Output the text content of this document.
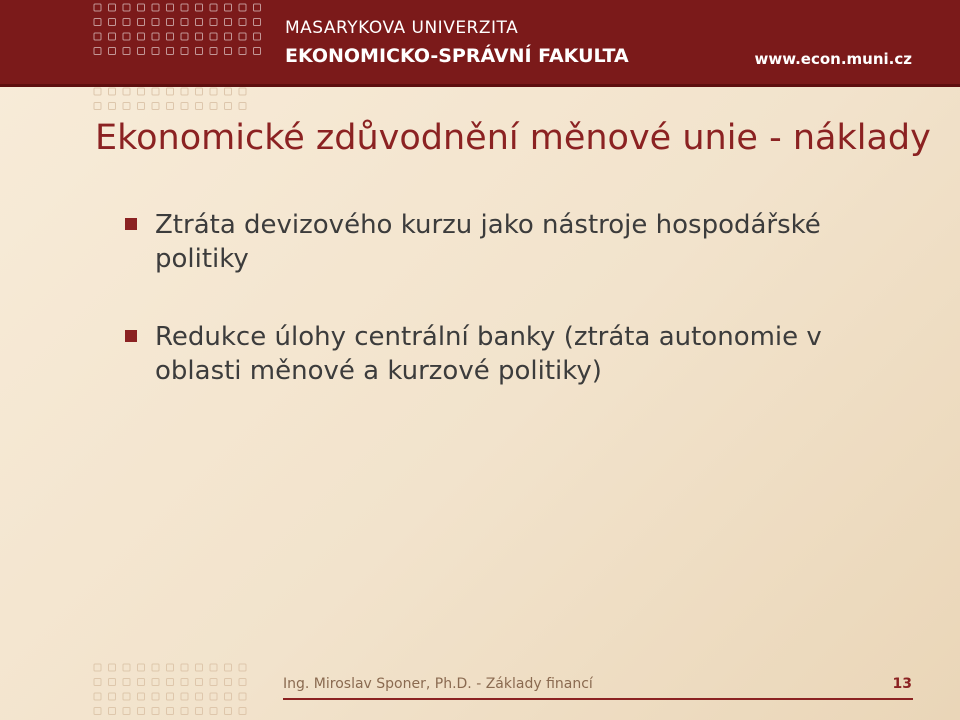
MASARYKOVA UNIVERZITA
EKONOMICKO-SPRÁVNÍ FAKULTA	www.econ.muni.cz
Ekonomické zdůvodnění měnové unie - náklady
Ztráta devizového kurzu jako nástroje hospodářské politiky
Redukce úlohy centrální banky (ztráta autonomie v oblasti měnové a kurzové politiky)
Ing. Miroslav Sponer, Ph.D. - Základy financí	13
